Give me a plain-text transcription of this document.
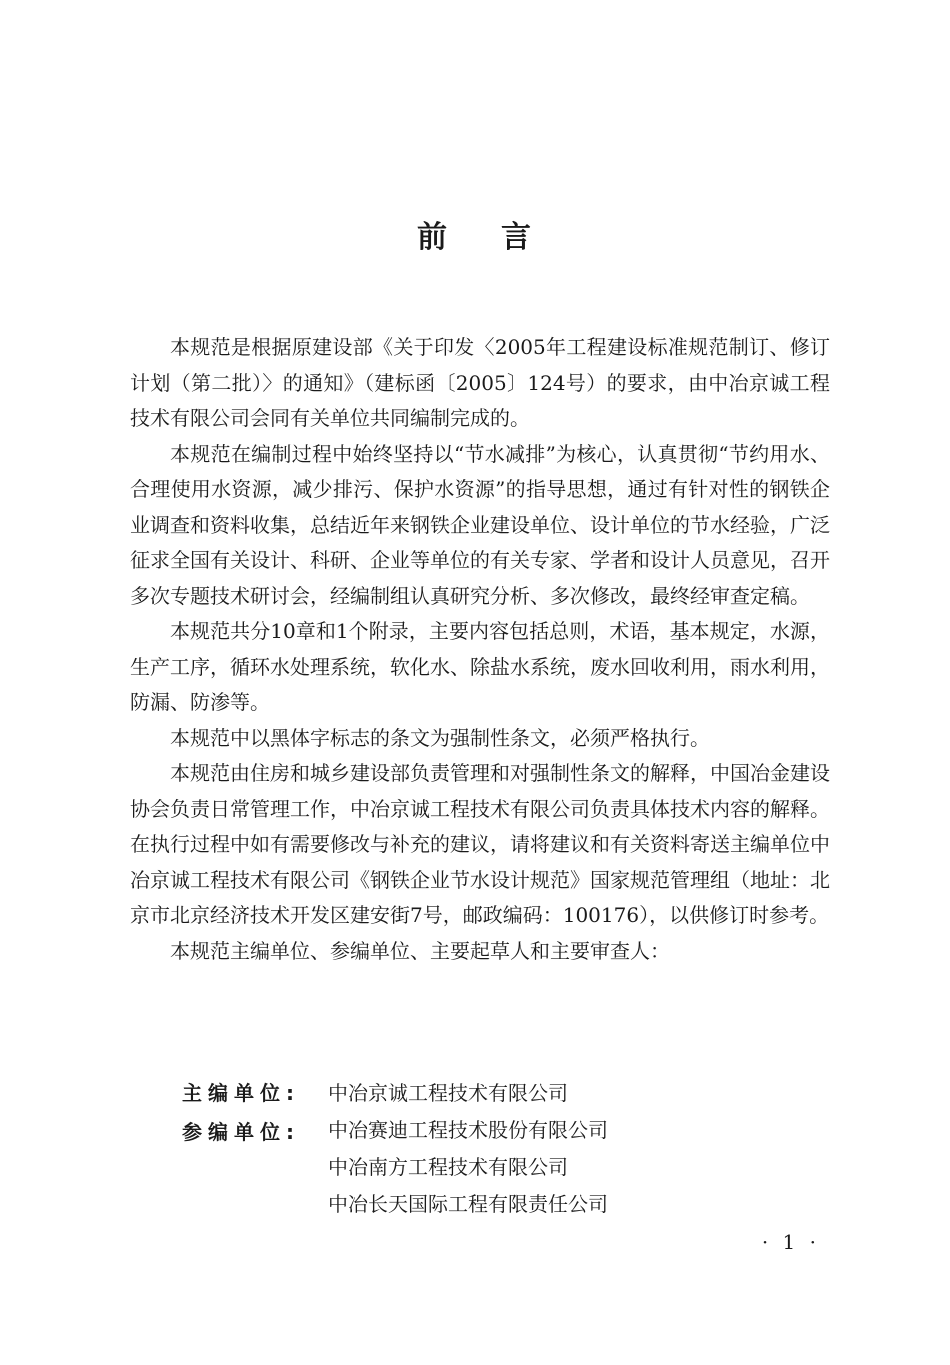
前 言

本规范是根据原建设部《关于印发〈2005年工程建设标准规范制订、修订计划（第二批）〉的通知》（建标函〔2005〕124号）的要求，由中冶京诚工程技术有限公司会同有关单位共同编制完成的。

本规范在编制过程中始终坚持以“节水减排”为核心，认真贯彻“节约用水、合理使用水资源，减少排污、保护水资源”的指导思想，通过有针对性的钢铁企业调查和资料收集，总结近年来钢铁企业建设单位、设计单位的节水经验，广泛征求全国有关设计、科研、企业等单位的有关专家、学者和设计人员意见，召开多次专题技术研讨会，经编制组认真研究分析、多次修改，最终经审查定稿。

本规范共分10章和1个附录，主要内容包括总则，术语，基本规定，水源，生产工序，循环水处理系统，软化水、除盐水系统，废水回收利用，雨水利用，防漏、防渗等。

本规范中以黑体字标志的条文为强制性条文，必须严格执行。

本规范由住房和城乡建设部负责管理和对强制性条文的解释，中国冶金建设协会负责日常管理工作，中冶京诚工程技术有限公司负责具体技术内容的解释。在执行过程中如有需要修改与补充的建议，请将建议和有关资料寄送主编单位中冶京诚工程技术有限公司《钢铁企业节水设计规范》国家规范管理组（地址：北京市北京经济技术开发区建安街7号，邮政编码：100176），以供修订时参考。

本规范主编单位、参编单位、主要起草人和主要审查人：

主编单位:	中冶京诚工程技术有限公司
参编单位:	中冶赛迪工程技术股份有限公司
中冶南方工程技术有限公司
中冶长天国际工程有限责任公司
· 1 ·
